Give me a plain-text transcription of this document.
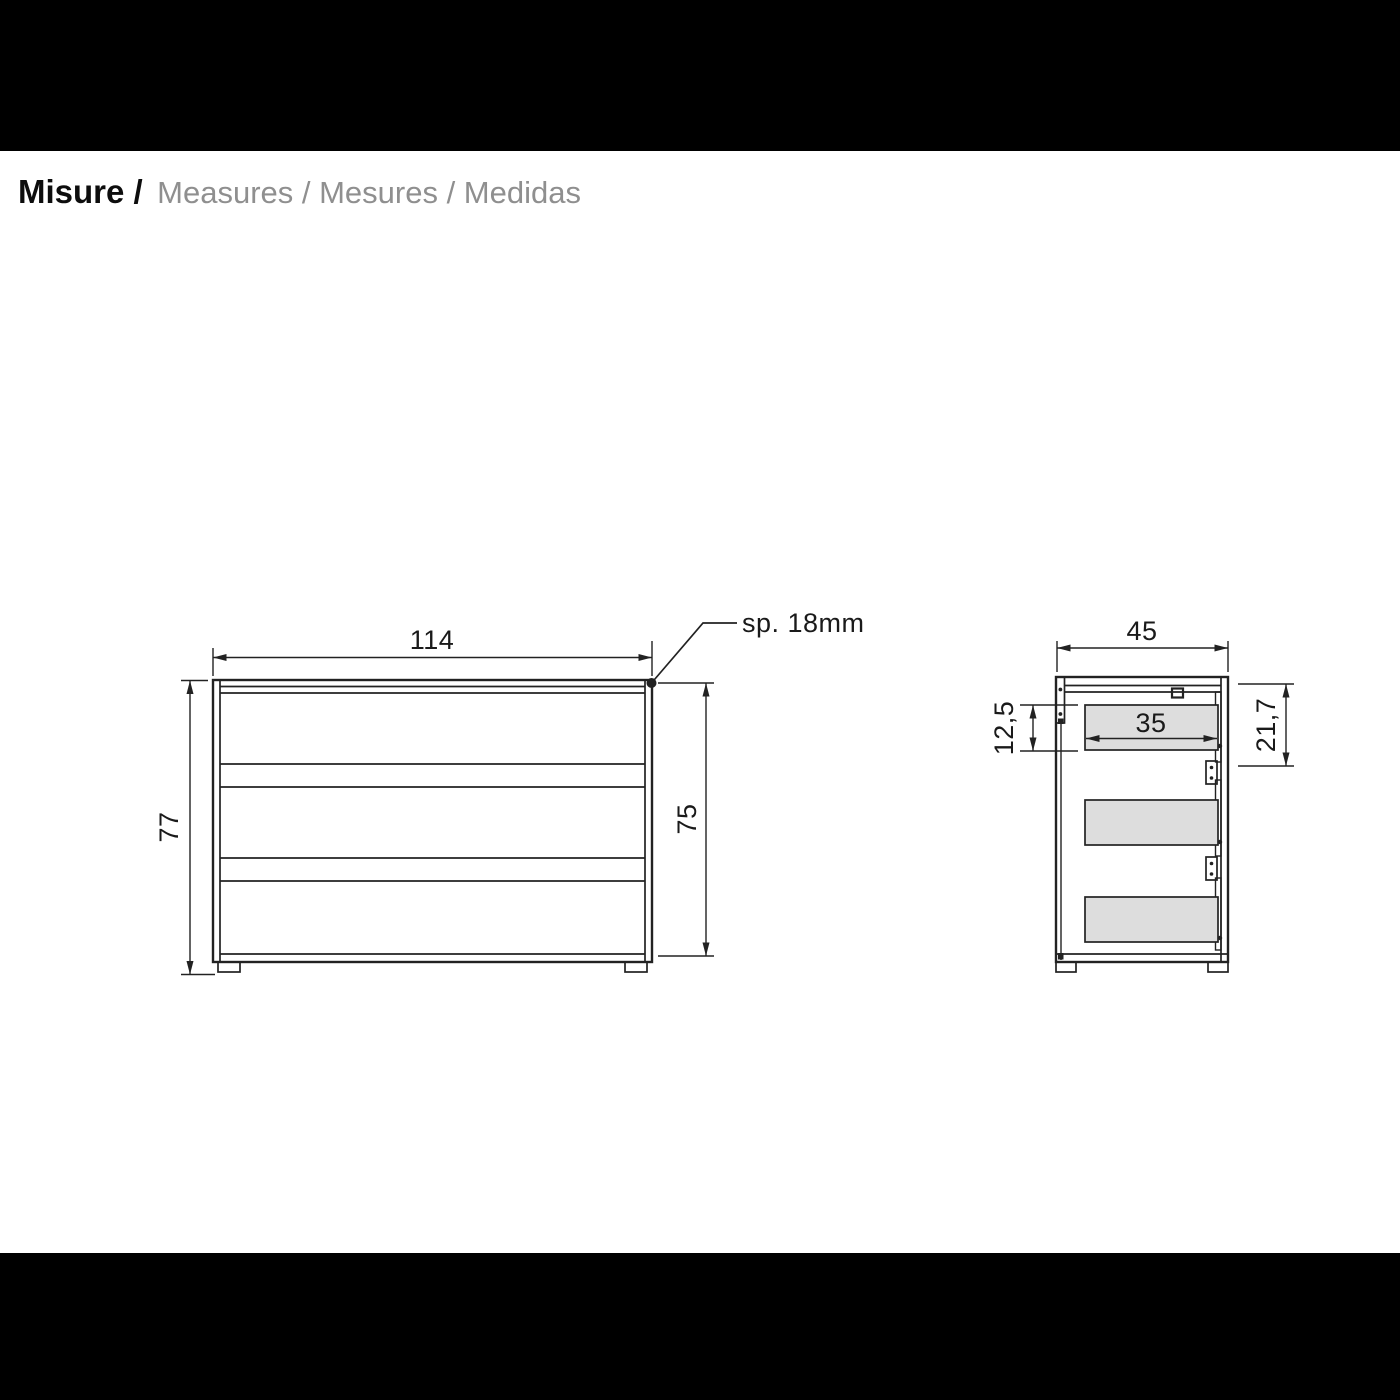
Misure / Measures / Mesures / Medidas
114
77	75
sp. 18mm	45
35
12,5	21,7
